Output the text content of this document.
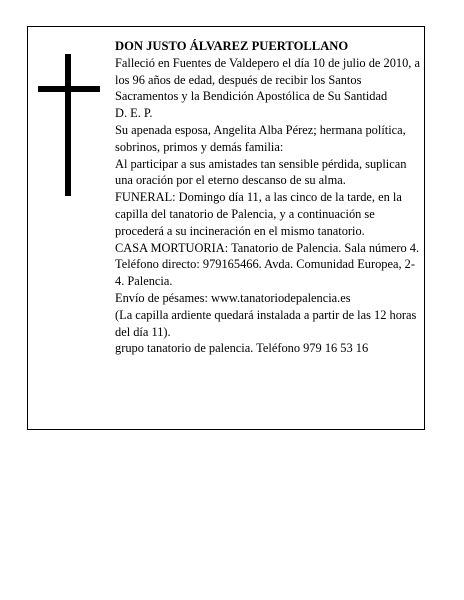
DON JUSTO ÁLVAREZ PUERTOLLANO

Falleció en Fuentes de Valdepero el día 10 de julio de 2010, a los 96 años de edad, después de recibir los Santos Sacramentos y la Bendición Apostólica de Su Santidad

D. E. P.

Su apenada esposa, Angelita Alba Pérez; hermana política, sobrinos, primos y demás familia:

Al participar a sus amistades tan sensible pérdida, suplican una oración por el eterno descanso de su alma.

FUNERAL: Domingo día 11, a las cinco de la tarde, en la capilla del tanatorio de Palencia, y a continuación se procederá a su incineración en el mismo tanatorio.

CASA MORTUORIA: Tanatorio de Palencia. Sala número 4. Teléfono directo: 979165466. Avda. Comunidad Europea, 2-4. Palencia.

Envío de pésames: www.tanatoriodepalencia.es

(La capilla ardiente quedará instalada a partir de las 12 horas del día 11).

grupo tanatorio de palencia. Teléfono 979 16 53 16
